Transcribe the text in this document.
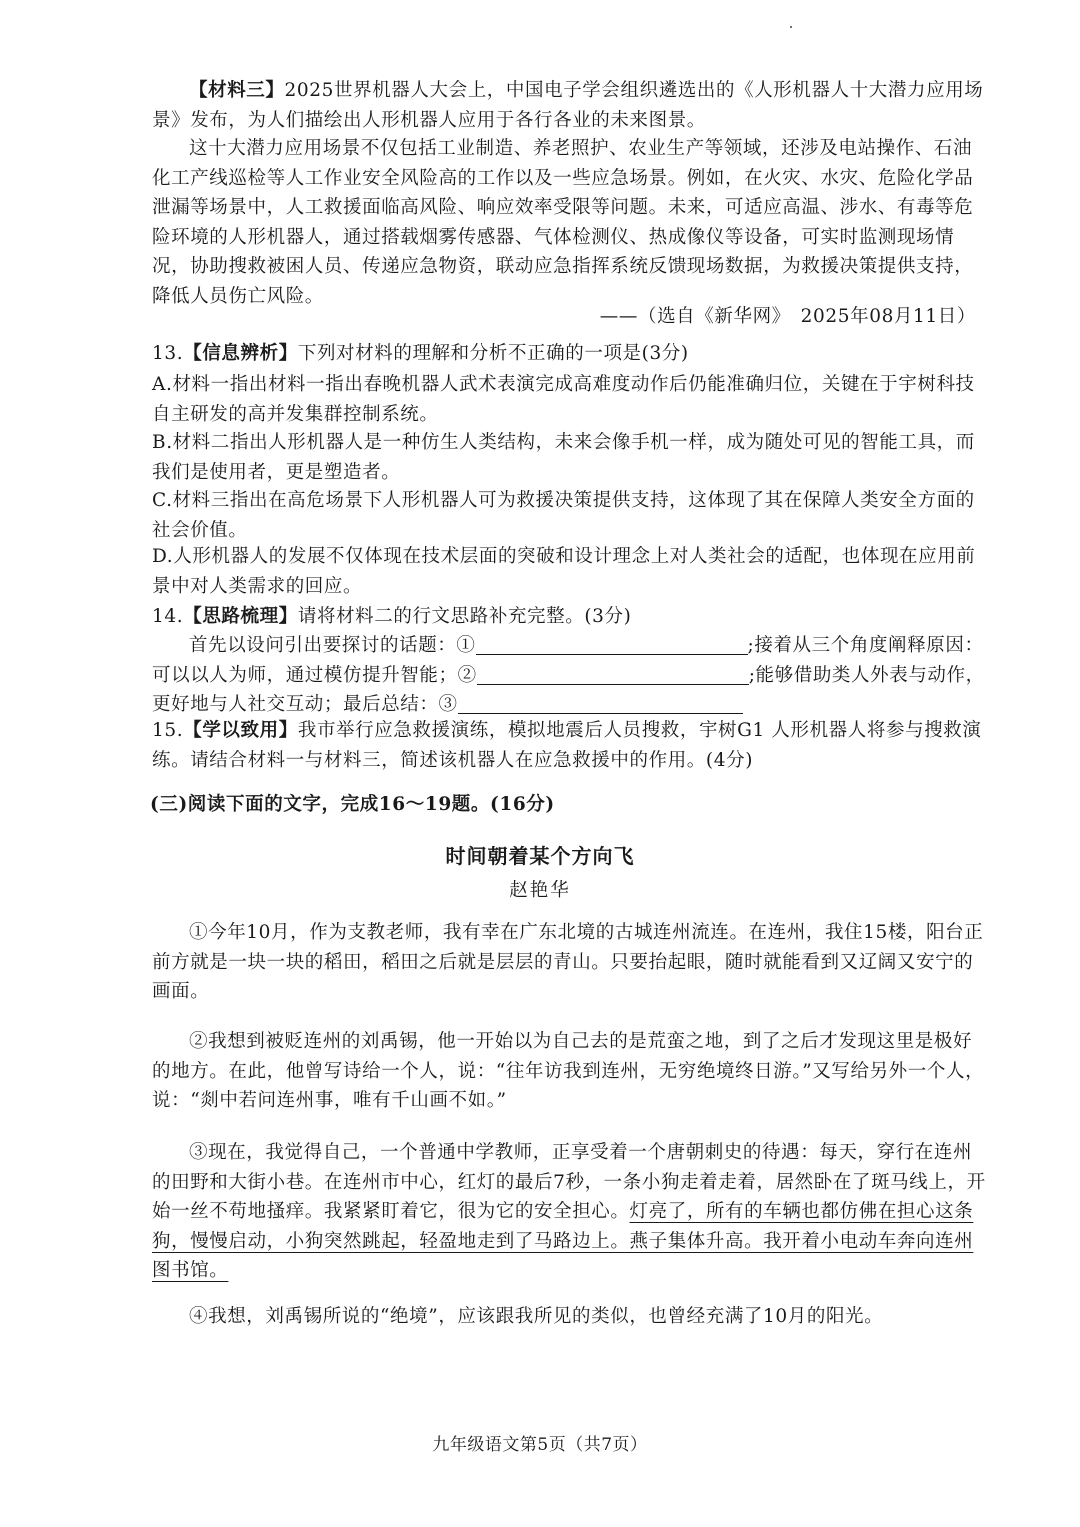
【材料三】2025世界机器人大会上，中国电子学会组织遴选出的《人形机器人十大潜力应用场景》发布，为人们描绘出人形机器人应用于各行各业的未来图景。
这十大潜力应用场景不仅包括工业制造、养老照护、农业生产等领域，还涉及电站操作、石油化工产线巡检等人工作业安全风险高的工作以及一些应急场景。例如，在火灾、水灾、危险化学品泄漏等场景中，人工救援面临高风险、响应效率受限等问题。未来，可适应高温、涉水、有毒等危险环境的人形机器人，通过搭载烟雾传感器、气体检测仪、热成像仪等设备，可实时监测现场情况，协助搜救被困人员、传递应急物资，联动应急指挥系统反馈现场数据，为救援决策提供支持，降低人员伤亡风险。
——（选自《新华网》　2025年08月11日）
13.【信息辨析】下列对材料的理解和分析不正确的一项是(3分)
A.材料一指出材料一指出春晚机器人武术表演完成高难度动作后仍能准确归位，关键在于宇树科技自主研发的高并发集群控制系统。
B.材料二指出人形机器人是一种仿生人类结构，未来会像手机一样，成为随处可见的智能工具，而我们是使用者，更是塑造者。
C.材料三指出在高危场景下人形机器人可为救援决策提供支持，这体现了其在保障人类安全方面的社会价值。
D.人形机器人的发展不仅体现在技术层面的突破和设计理念上对人类社会的适配，也体现在应用前景中对人类需求的回应。
14.【思路梳理】请将材料二的行文思路补充完整。(3分)
首先以设问引出要探讨的话题：①	;接着从三个角度阐释原因：可以以人为师，通过模仿提升智能；②	;能够借助类人外表与动作，更好地与人社交互动；最后总结：③
15.【学以致用】我市举行应急救援演练，模拟地震后人员搜救，宇树G1 人形机器人将参与搜救演练。请结合材料一与材料三，简述该机器人在应急救援中的作用。(4分)
(三)阅读下面的文字，完成16～19题。(16分)
时间朝着某个方向飞
赵艳华
①今年10月，作为支教老师，我有幸在广东北境的古城连州流连。在连州，我住15楼，阳台正前方就是一块一块的稻田，稻田之后就是层层的青山。只要抬起眼，随时就能看到又辽阔又安宁的画面。
②我想到被贬连州的刘禹锡，他一开始以为自己去的是荒蛮之地，到了之后才发现这里是极好的地方。在此，他曾写诗给一个人，说：“往年访我到连州，无穷绝境终日游。”又写给另外一个人，说：“剡中若问连州事，唯有千山画不如。”
③现在，我觉得自己，一个普通中学教师，正享受着一个唐朝刺史的待遇：每天，穿行在连州的田野和大街小巷。在连州市中心，红灯的最后7秒，一条小狗走着走着，居然卧在了斑马线上，开始一丝不苟地搔痒。我紧紧盯着它，很为它的安全担心。灯亮了，所有的车辆也都仿佛在担心这条狗，慢慢启动，小狗突然跳起，轻盈地走到了马路边上。燕子集体升高。我开着小电动车奔向连州图书馆。
④我想，刘禹锡所说的“绝境”，应该跟我所见的类似，也曾经充满了10月的阳光。
九年级语文第5页（共7页）
